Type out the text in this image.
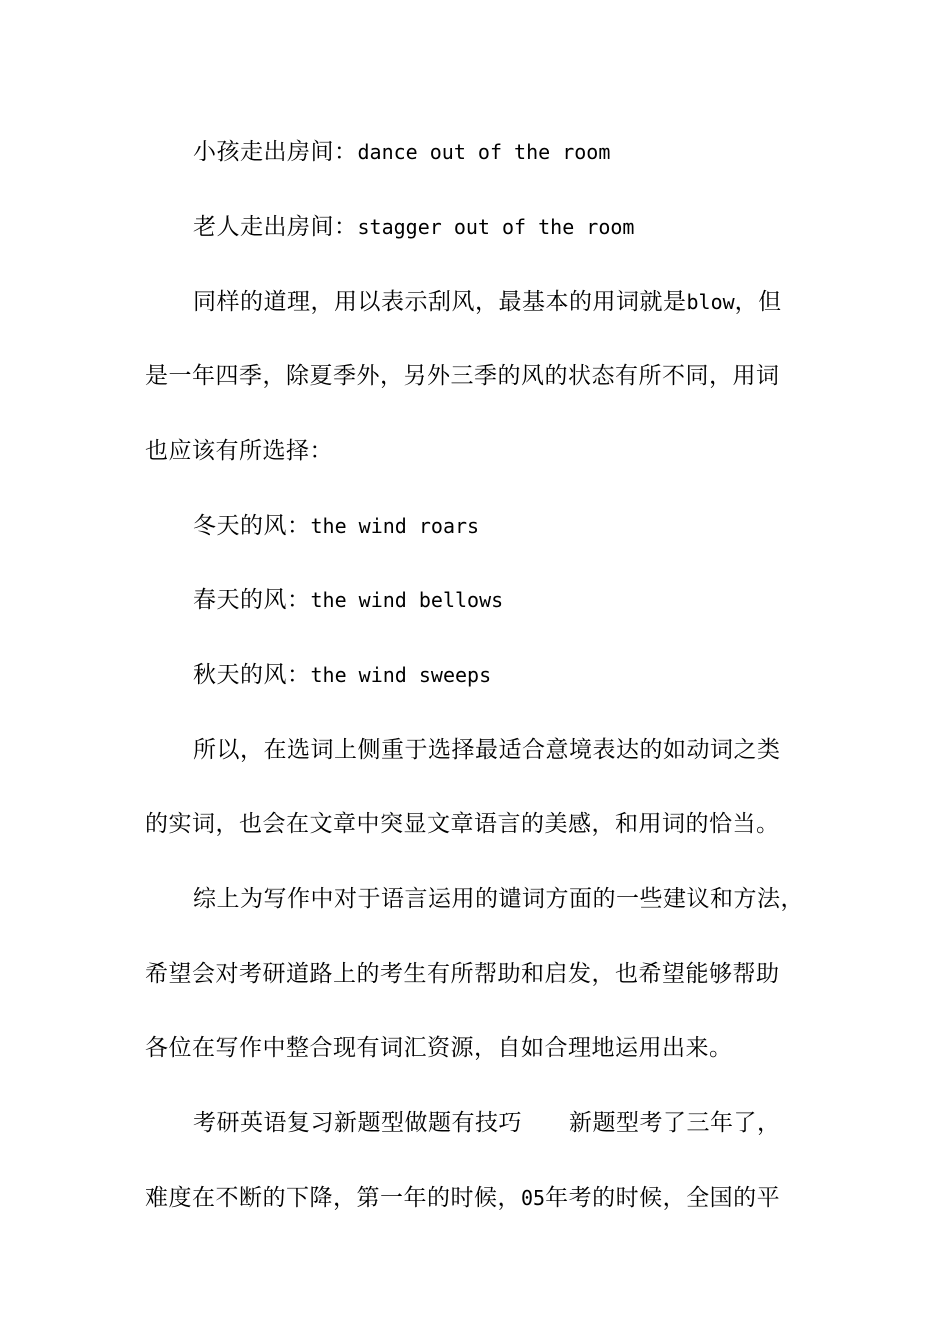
小孩走出房间：dance out of the room
老人走出房间：stagger out of the room
同样的道理，用以表示刮风，最基本的用词就是blow，但
是一年四季，除夏季外，另外三季的风的状态有所不同，用词
也应该有所选择：
冬天的风：the wind roars
春天的风：the wind bellows
秋天的风：the wind sweeps
所以，在选词上侧重于选择最适合意境表达的如动词之类
的实词，也会在文章中突显文章语言的美感，和用词的恰当。
综上为写作中对于语言运用的谴词方面的一些建议和方法，
希望会对考研道路上的考生有所帮助和启发，也希望能够帮助
各位在写作中整合现有词汇资源，自如合理地运用出来。
考研英语复习新题型做题有技巧　　新题型考了三年了，
难度在不断的下降，第一年的时候，05年考的时候，全国的平
